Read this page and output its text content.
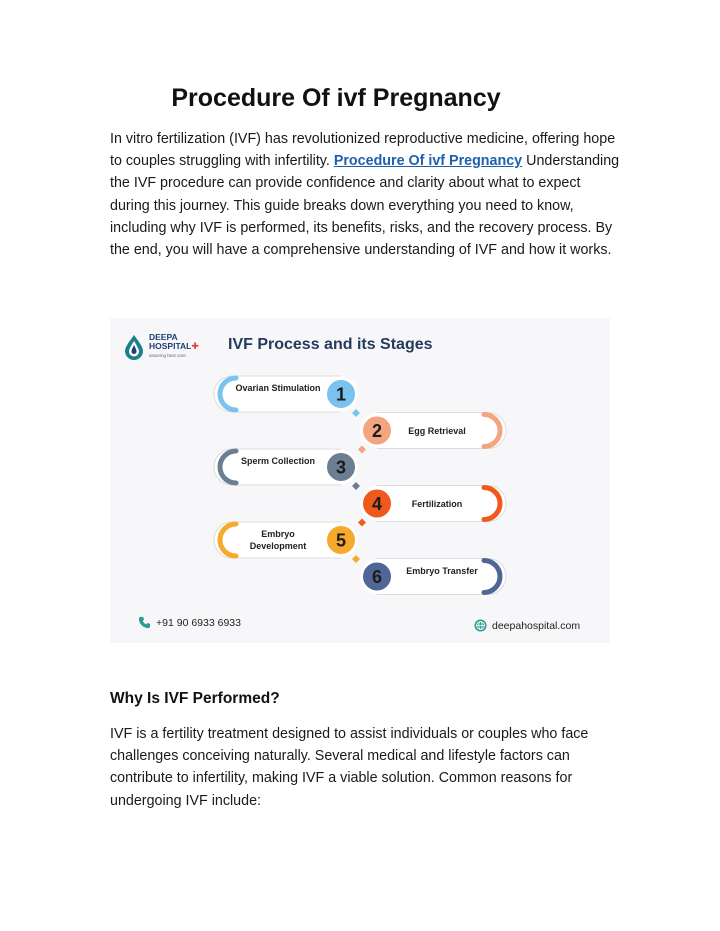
Procedure Of ivf Pregnancy

In vitro fertilization (IVF) has revolutionized reproductive medicine, offering hope to couples struggling with infertility. Procedure Of ivf Pregnancy Understanding the IVF procedure can provide confidence and clarity about what to expect during this journey. This guide breaks down everything you need to know, including why IVF is performed, its benefits, risks, and the recovery process. By the end, you will have a comprehensive understanding of IVF and how it works.

DEEPA
HOSPITAL✚
assuring best care
IVF Process and its Stages
1
2
3
4
5
6
Ovarian Stimulation
Egg Retrieval
Sperm Collection
Fertilization
Embryo Development
Embryo Transfer
+91 90 6933 6933	deepahospital.com
Why Is IVF Performed?

IVF is a fertility treatment designed to assist individuals or couples who face challenges conceiving naturally. Several medical and lifestyle factors can contribute to infertility, making IVF a viable solution. Common reasons for undergoing IVF include:
